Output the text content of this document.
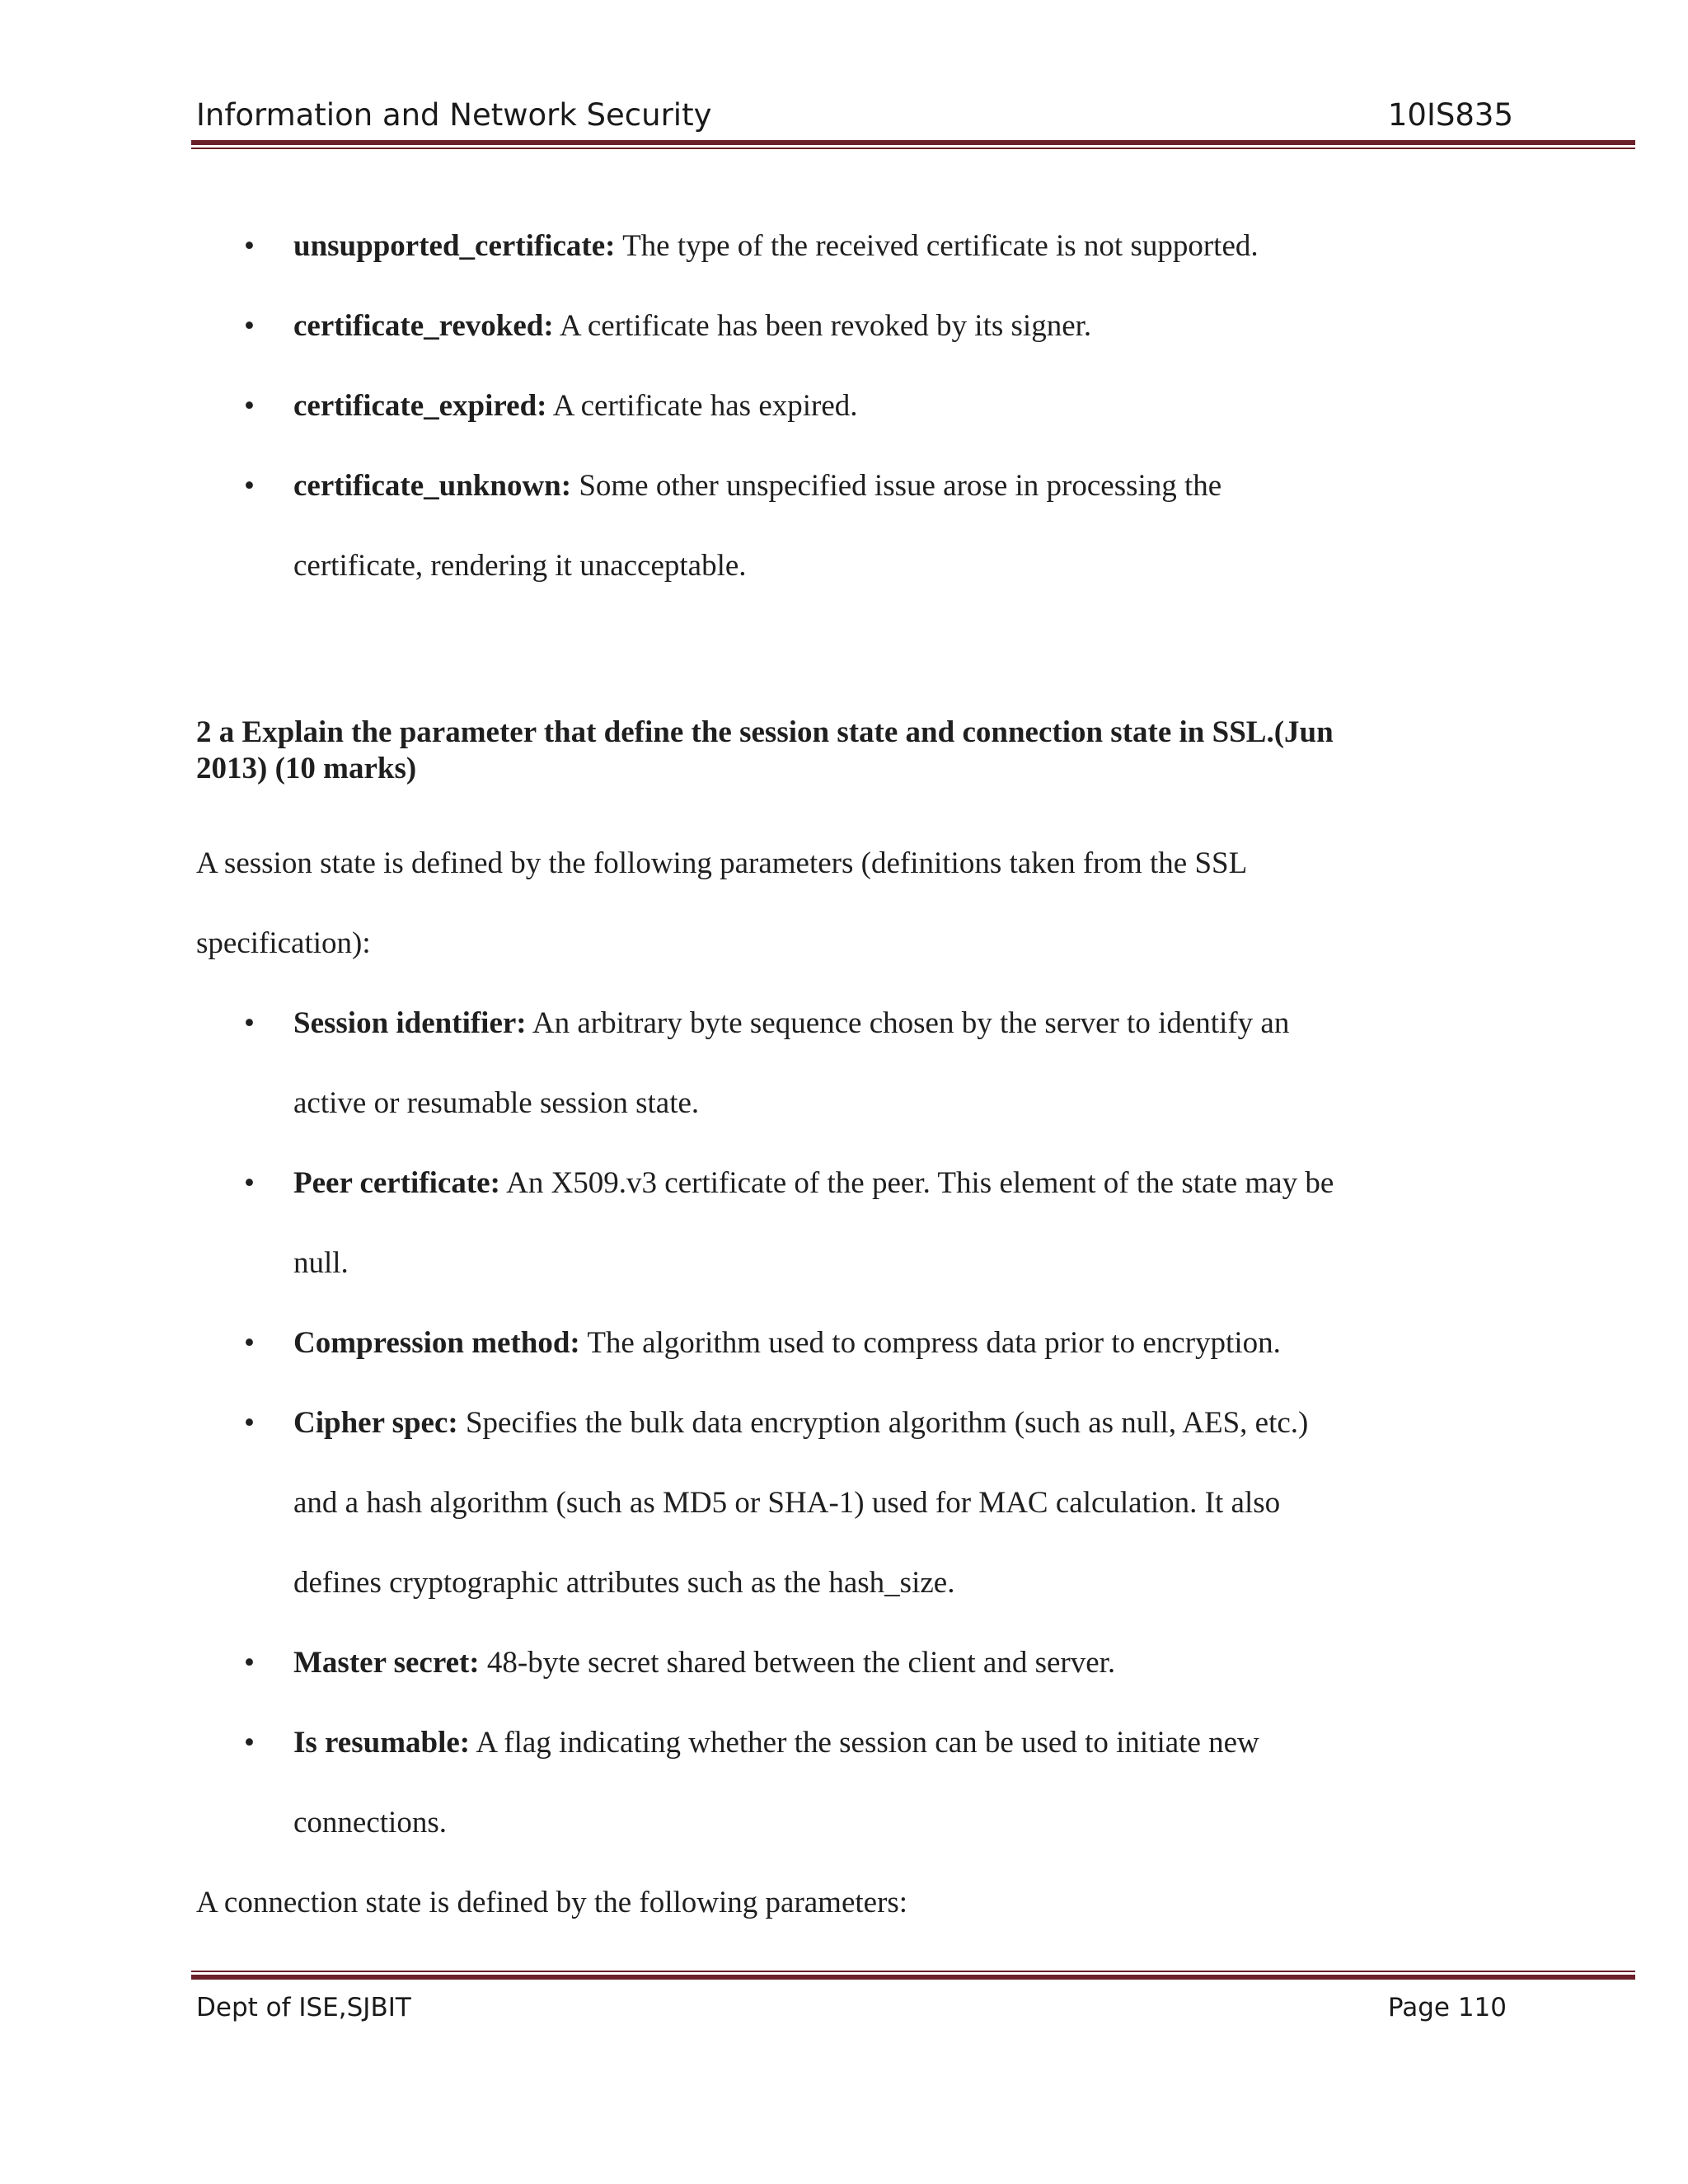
Information and Network Security	10IS835
• unsupported_certificate: The type of the received certificate is not supported.
• certificate_revoked: A certificate has been revoked by its signer.
• certificate_expired: A certificate has expired.
• certificate_unknown: Some other unspecified issue arose in processing the
certificate, rendering it unacceptable.
2 a Explain the parameter that define the session state and connection state in SSL.(Jun
2013) (10 marks)
A session state is defined by the following parameters (definitions taken from the SSL
specification):
• Session identifier: An arbitrary byte sequence chosen by the server to identify an
active or resumable session state.
• Peer certificate: An X509.v3 certificate of the peer. This element of the state may be
null.
• Compression method: The algorithm used to compress data prior to encryption.
• Cipher spec: Specifies the bulk data encryption algorithm (such as null, AES, etc.)
and a hash algorithm (such as MD5 or SHA-1) used for MAC calculation. It also
defines cryptographic attributes such as the hash_size.
• Master secret: 48-byte secret shared between the client and server.
• Is resumable: A flag indicating whether the session can be used to initiate new
connections.
A connection state is defined by the following parameters:
Dept of ISE,SJBIT	Page 110
